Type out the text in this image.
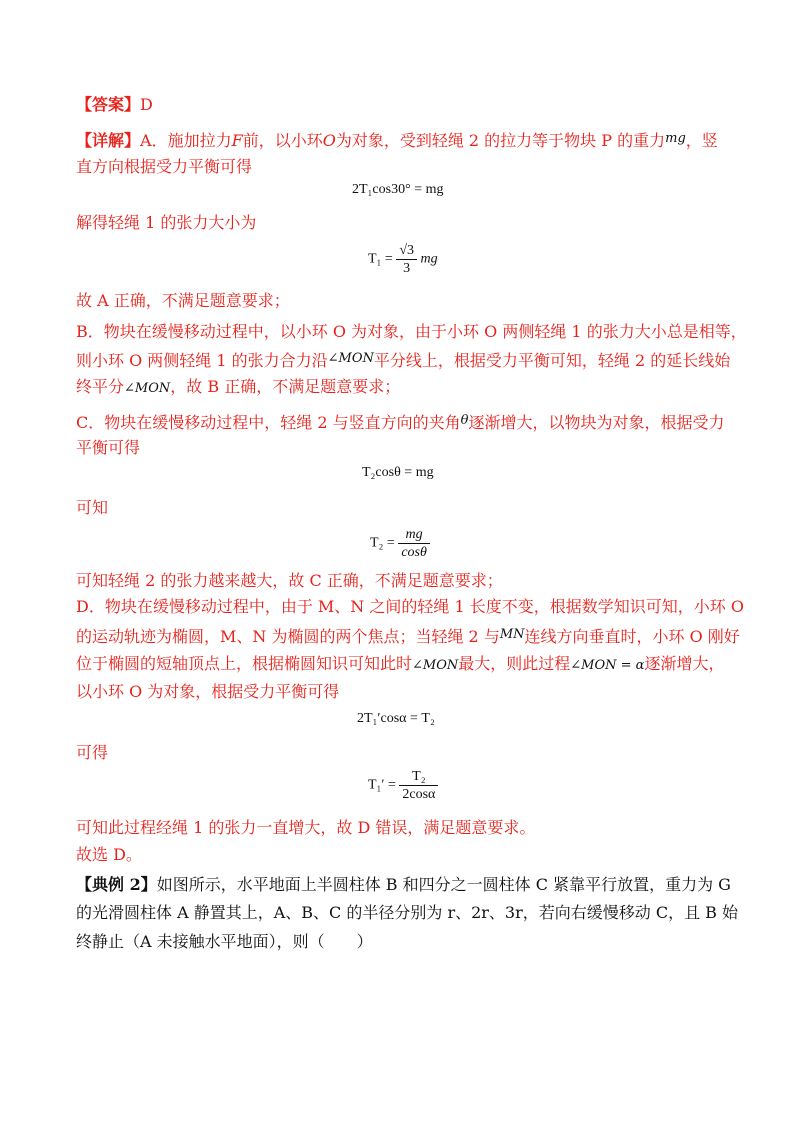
【答案】D
【详解】A．施加拉力F前，以小环O为对象，受到轻绳 2 的拉力等于物块 P 的重力$^{mg}$，竖
直方向根据受力平衡可得
2T₁cos30° = mg
解得轻绳 1 的张力大小为
$T_1 = \frac{√3}{3}$ mg
故 A 正确，不满足题意要求；
B．物块在缓慢移动过程中，以小环 O 为对象，由于小环 O 两侧轻绳 1 的张力大小总是相等，
则小环 O 两侧轻绳 1 的张力合力沿$^{\angle MON}$平分线上，根据受力平衡可知，轻绳 2 的延长线始
终平分∠MON，故 B 正确，不满足题意要求；
C．物块在缓慢移动过程中，轻绳 2 与竖直方向的夹角$^\theta$逐渐增大，以物块为对象，根据受力
平衡可得
T₂cosθ = mg
可知
$T_2 = \frac{mg}{\cos\theta}$
可知轻绳 2 的张力越来越大，故 C 正确，不满足题意要求；
D．物块在缓慢移动过程中，由于 M、N 之间的轻绳 1 长度不变，根据数学知识可知，小环 O
的运动轨迹为椭圆，M、N 为椭圆的两个焦点；当轻绳 2 与$^{MN}$连线方向垂直时，小环 O 刚好
位于椭圆的短轴顶点上，根据椭圆知识可知此时∠MON最大，则此过程∠MON = α逐渐增大，
以小环 O 为对象，根据受力平衡可得
2T₁′cosα = T₂
可得
$T_1' = \frac{\text{T₂}}{2\cos\alpha}$
可知此过程经绳 1 的张力一直增大，故 D 错误，满足题意要求。
故选 D。
【典例 2】如图所示，水平地面上半圆柱体 B 和四分之一圆柱体 C 紧靠平行放置，重力为 G
的光滑圆柱体 A 静置其上，A、B、C 的半径分别为 r、2r、3r，若向右缓慢移动 C，且 B 始
终静止（A 未接触水平地面），则（　　）
